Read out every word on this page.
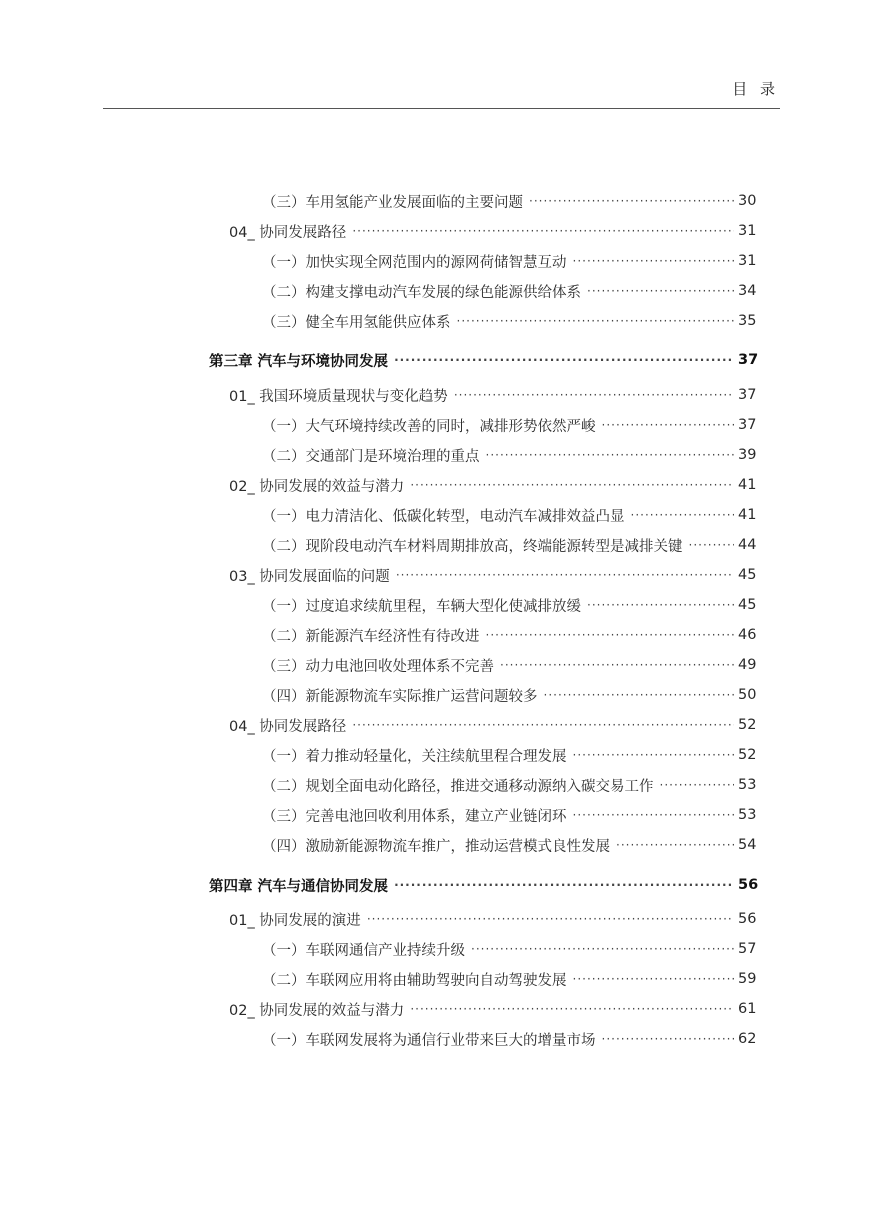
目 录
（三）车用氢能产业发展面临的主要问题 ·····	30
04_ 协同发展路径 ·····	31
（一）加快实现全网范围内的源网荷储智慧互动 ·····	31
（二）构建支撑电动汽车发展的绿色能源供给体系 ·····	34
（三）健全车用氢能供应体系 ·····	35
第三章 汽车与环境协同发展 ·····	37
01_ 我国环境质量现状与变化趋势 ·····	37
（一）大气环境持续改善的同时，减排形势依然严峻 ·····	37
（二）交通部门是环境治理的重点 ·····	39
02_ 协同发展的效益与潜力 ·····	41
（一）电力清洁化、低碳化转型，电动汽车减排效益凸显 ·····	41
（二）现阶段电动汽车材料周期排放高，终端能源转型是减排关键 ·····	44
03_ 协同发展面临的问题 ·····	45
（一）过度追求续航里程，车辆大型化使减排放缓 ·····	45
（二）新能源汽车经济性有待改进 ·····	46
（三）动力电池回收处理体系不完善 ·····	49
（四）新能源物流车实际推广运营问题较多 ·····	50
04_ 协同发展路径 ·····	52
（一）着力推动轻量化，关注续航里程合理发展 ·····	52
（二）规划全面电动化路径，推进交通移动源纳入碳交易工作 ·····	53
（三）完善电池回收利用体系，建立产业链闭环 ·····	53
（四）激励新能源物流车推广，推动运营模式良性发展 ·····	54
第四章 汽车与通信协同发展 ·····	56
01_ 协同发展的演进 ·····	56
（一）车联网通信产业持续升级 ·····	57
（二）车联网应用将由辅助驾驶向自动驾驶发展 ·····	59
02_ 协同发展的效益与潜力 ·····	61
（一）车联网发展将为通信行业带来巨大的增量市场 ·····	62
